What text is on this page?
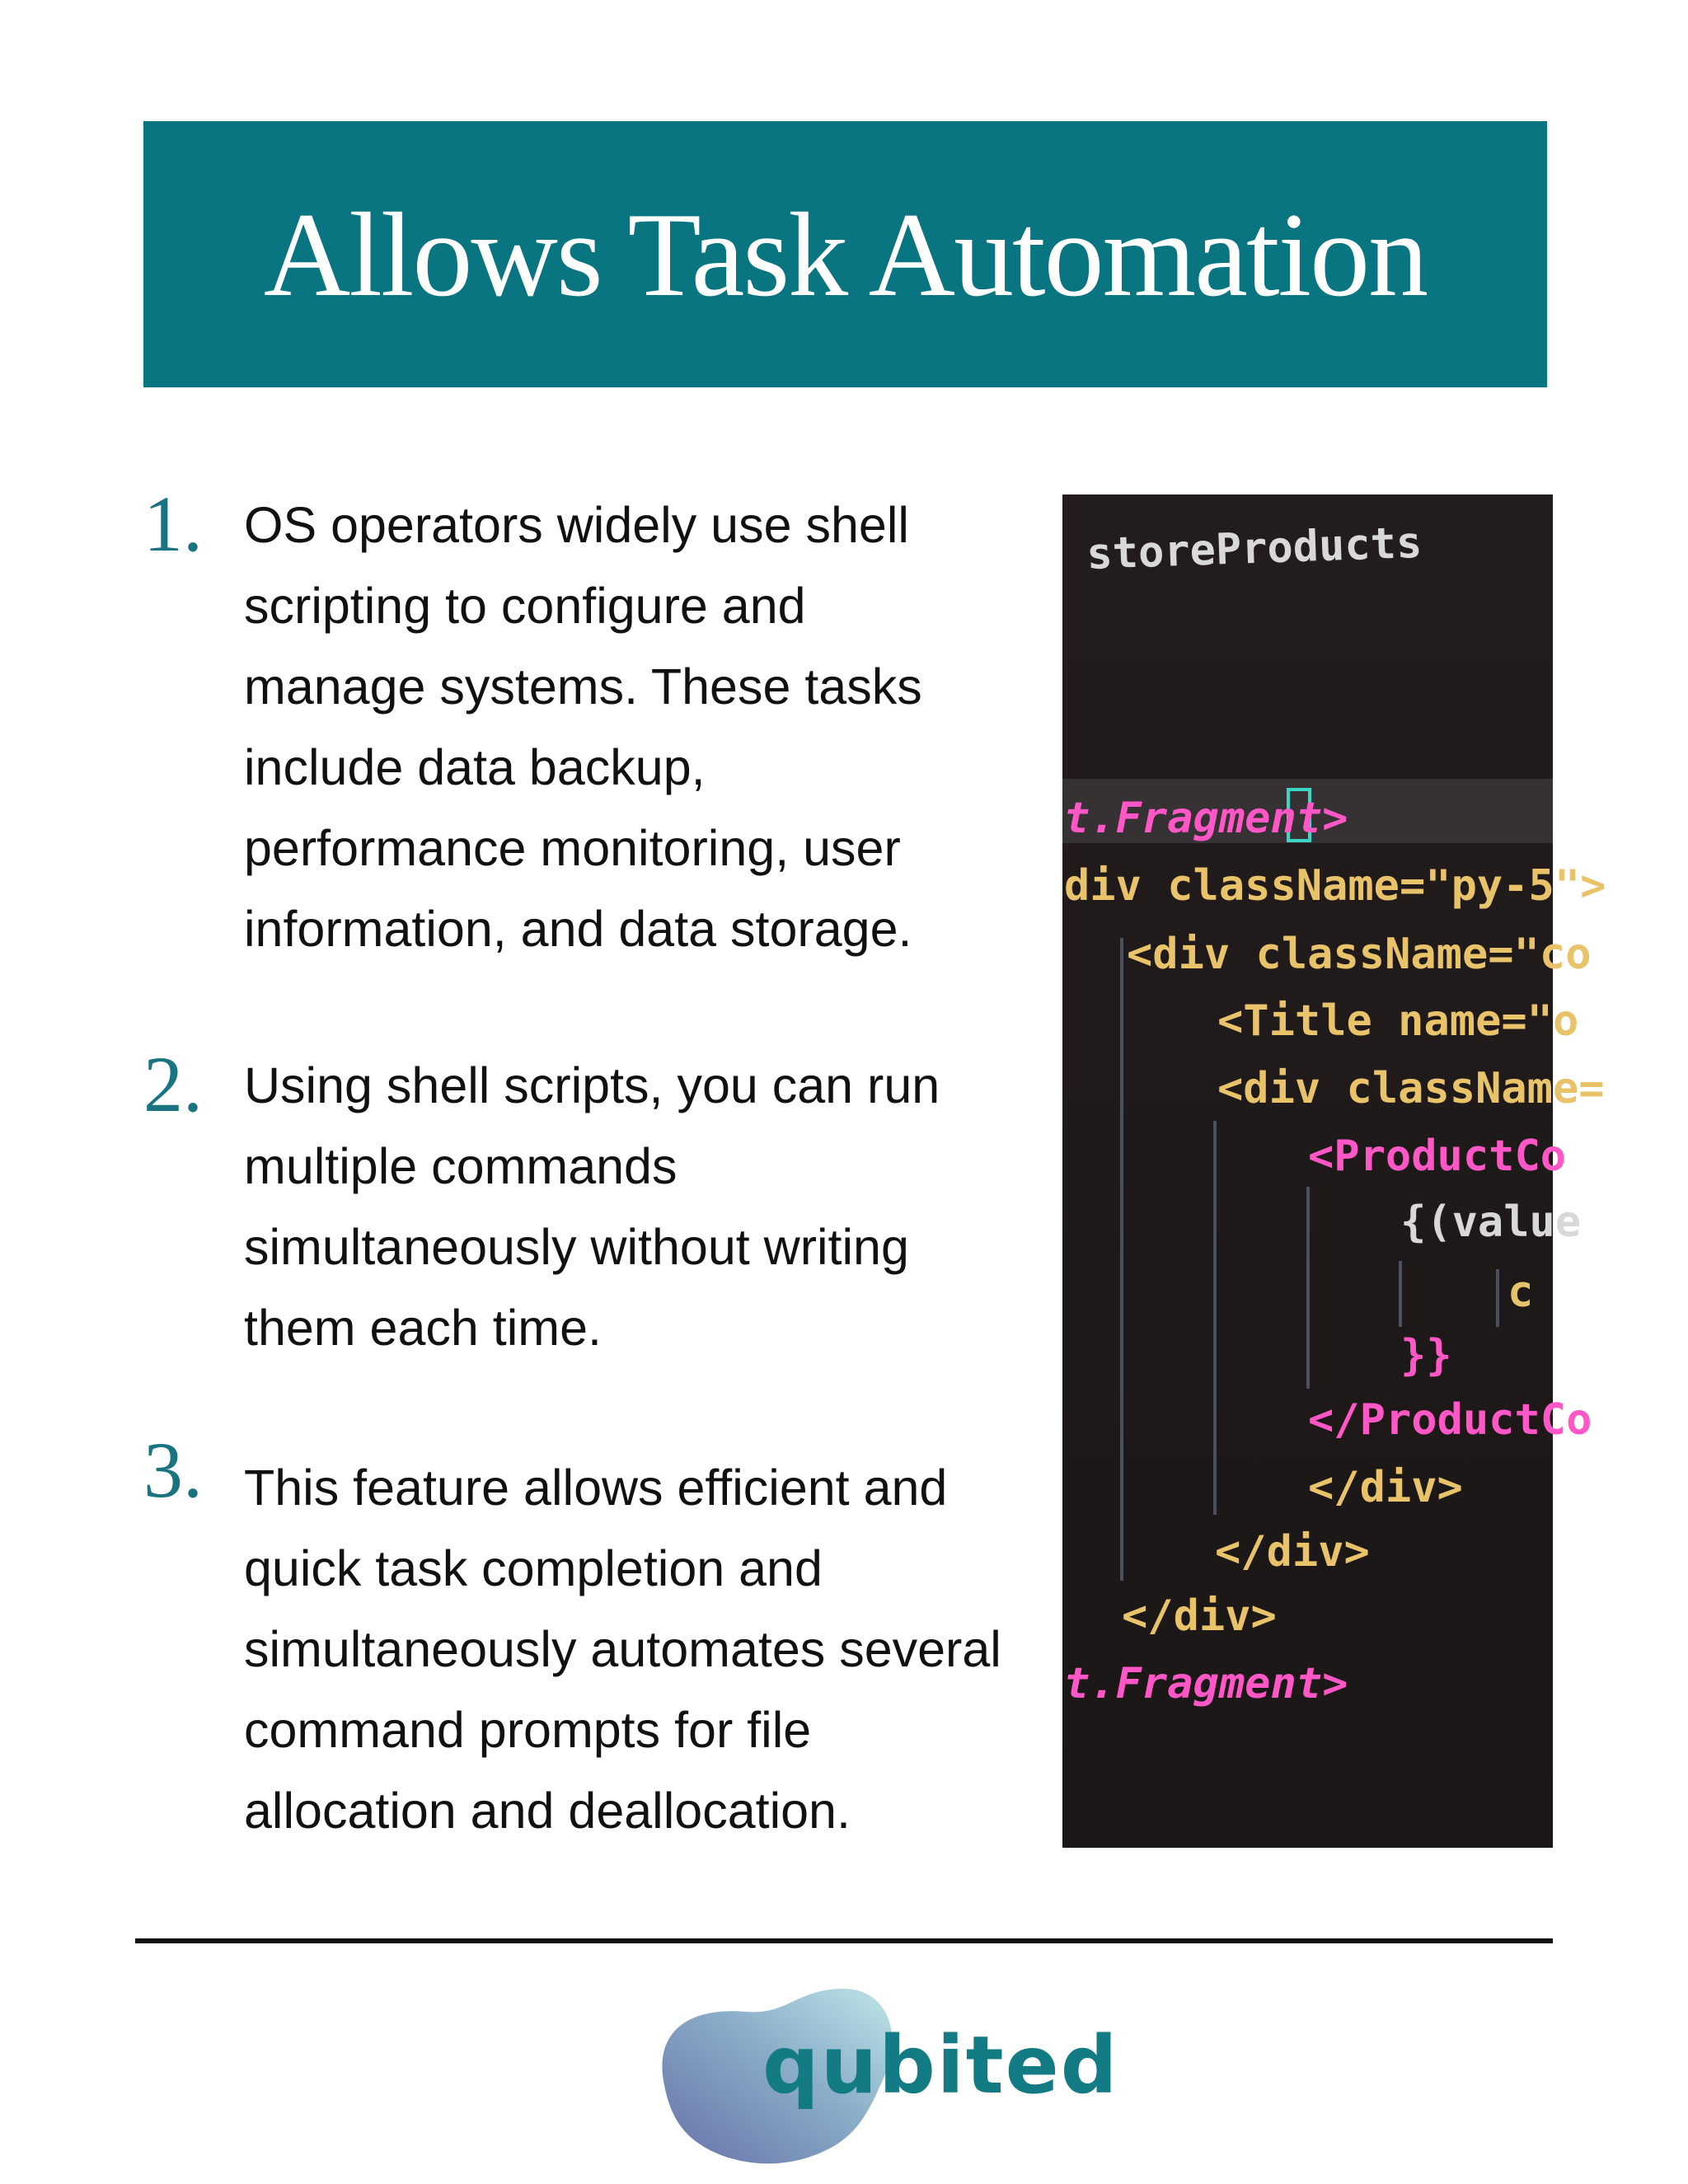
Allows Task Automation
1. OS operators widely use shell
scripting to configure and
manage systems. These tasks
include data backup,
performance monitoring, user
information, and data storage.
2. Using shell scripts, you can run
multiple commands
simultaneously without writing
them each time.
3. This feature allows efficient and
quick task completion and
simultaneously automates several
command prompts for file
allocation and deallocation.
storeProducts
t.Fragment>
div className="py-5">
<div className="co
<Title name="o
<div className=
<ProductCo
{(value
c
}}
</ProductCo
</div>
</div>
</div>
t.Fragment>
qubited
